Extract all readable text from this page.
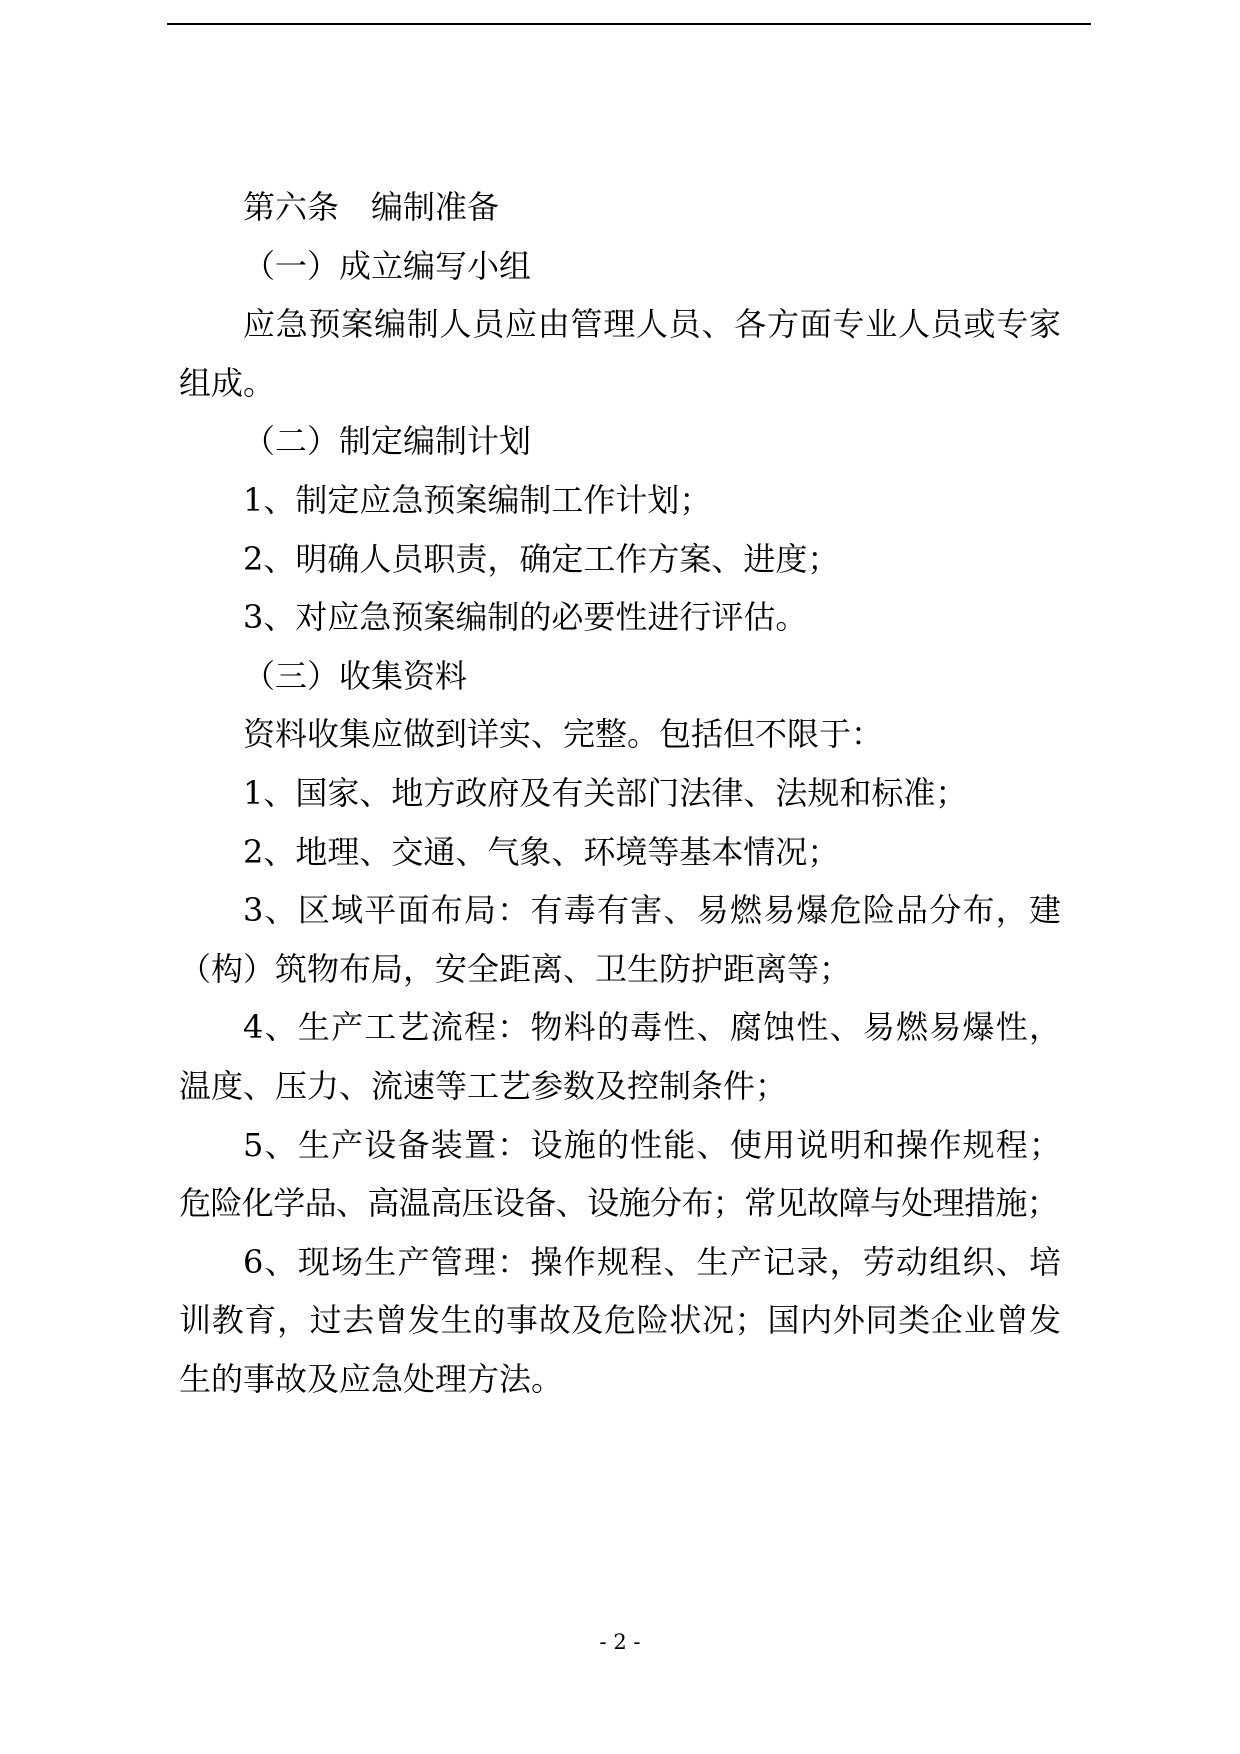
第六条 编制准备
（一）成立编写小组
应急预案编制人员应由管理人员、各方面专业人员或专家
组成。
（二）制定编制计划
1、制定应急预案编制工作计划；
2、明确人员职责，确定工作方案、进度；
3、对应急预案编制的必要性进行评估。
（三）收集资料
资料收集应做到详实、完整。包括但不限于：
1、国家、地方政府及有关部门法律、法规和标准；
2、地理、交通、气象、环境等基本情况；
3、区域平面布局：有毒有害、易燃易爆危险品分布，建
（构）筑物布局，安全距离、卫生防护距离等；
4、生产工艺流程：物料的毒性、腐蚀性、易燃易爆性，
温度、压力、流速等工艺参数及控制条件；
5、生产设备装置：设施的性能、使用说明和操作规程；
危险化学品、高温高压设备、设施分布；常见故障与处理措施；
6、现场生产管理：操作规程、生产记录，劳动组织、培
训教育，过去曾发生的事故及危险状况；国内外同类企业曾发
生的事故及应急处理方法。
- 2 -
